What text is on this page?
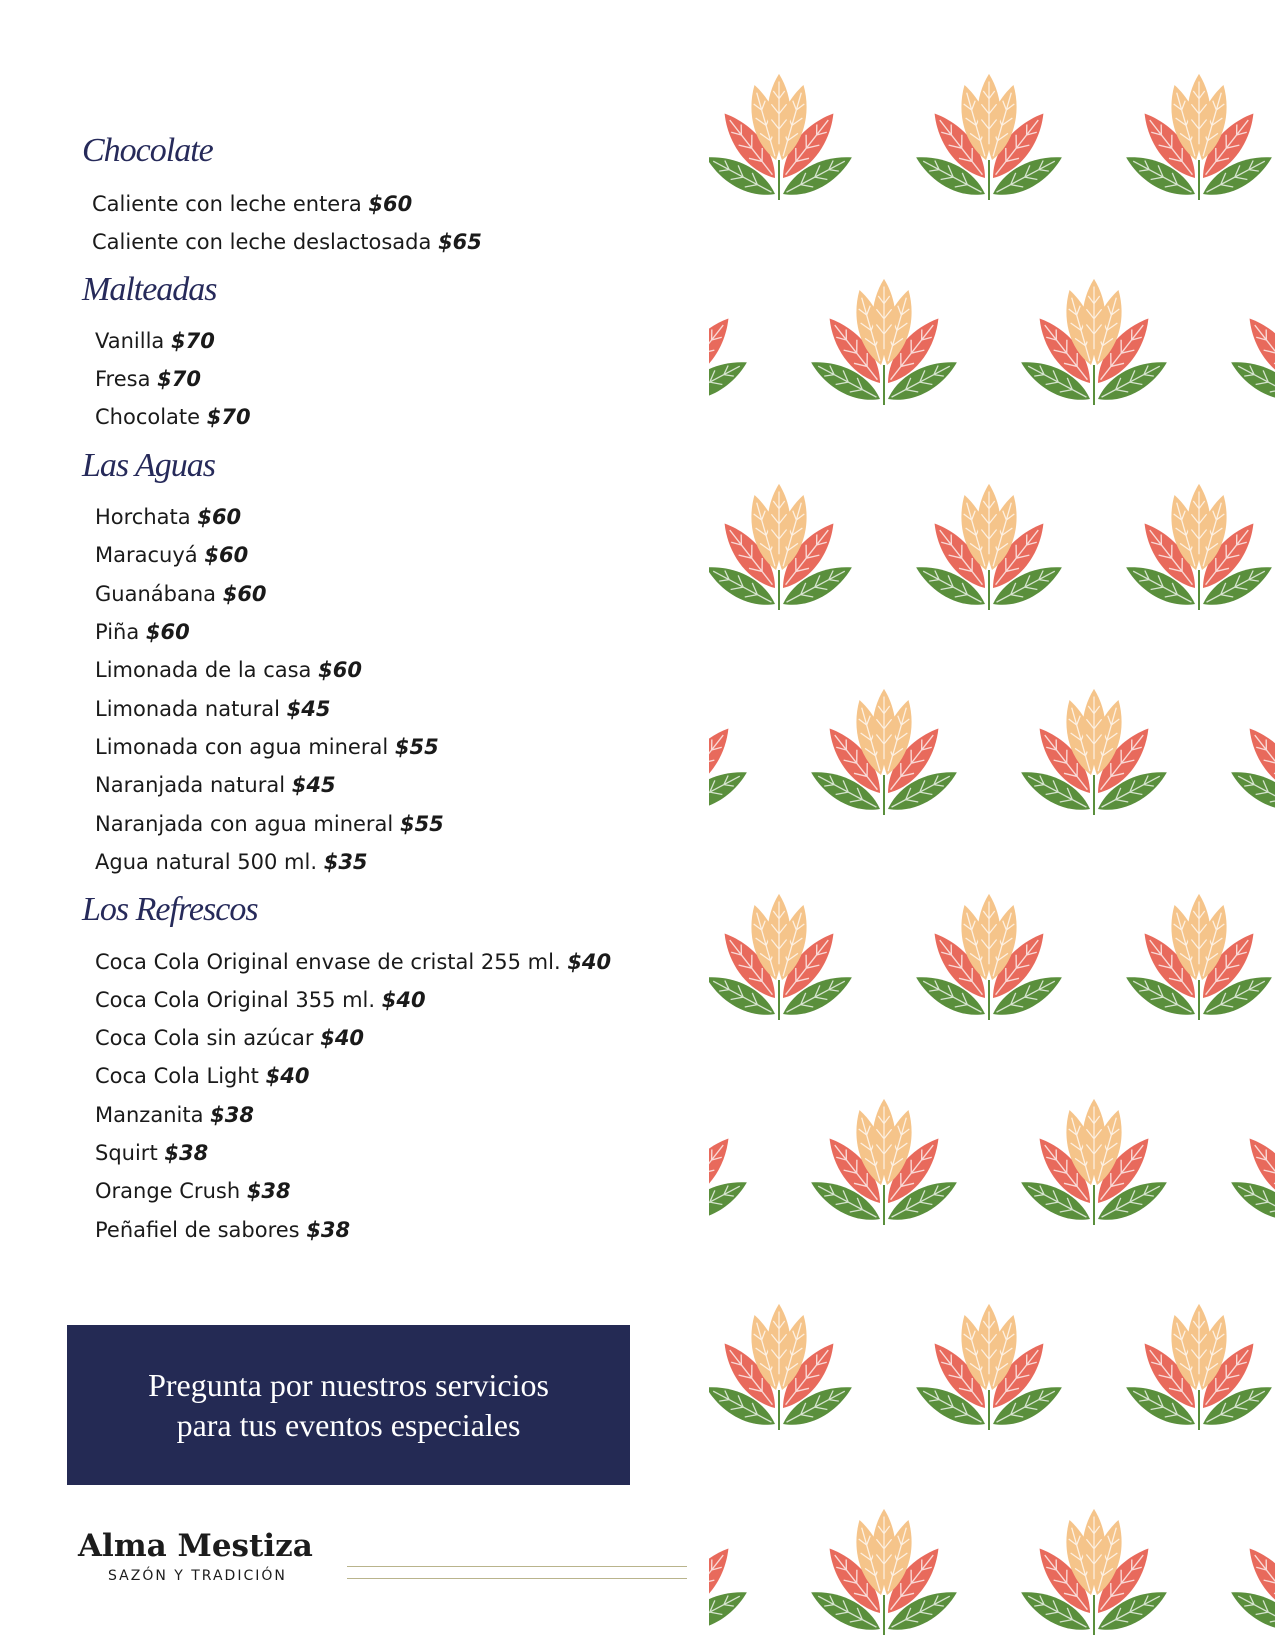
Chocolate
Caliente con leche entera $60
Caliente con leche deslactosada $65
Malteadas
Vanilla $70
Fresa $70
Chocolate $70
Las Aguas
Horchata $60
Maracuyá $60
Guanábana $60
Piña $60
Limonada de la casa $60
Limonada natural $45
Limonada con agua mineral $55
Naranjada natural $45
Naranjada con agua mineral $55
Agua natural 500 ml. $35
Los Refrescos
Coca Cola Original envase de cristal 255 ml. $40
Coca Cola Original 355 ml. $40
Coca Cola sin azúcar $40
Coca Cola Light $40
Manzanita $38
Squirt $38
Orange Crush $38
Peñafiel de sabores $38
Pregunta por nuestros servicios
para tus eventos especiales
Alma Mestiza
SAZÓN Y TRADICIÓN
